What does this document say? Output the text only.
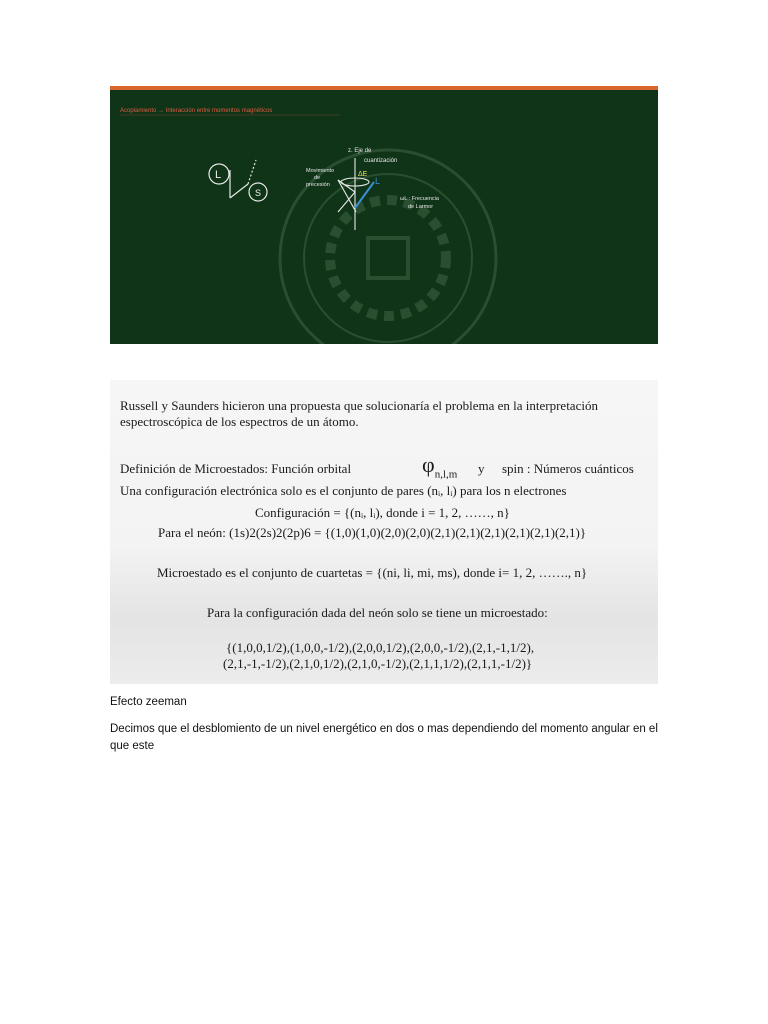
Acoplamiento → Interacción entre momentos magnéticos
L
S
L
z. Eje de
cuantización
Movimiento
de
precesión
ΔE
ωL : Frecuencia
de Larmor
Russell y Saunders hicieron una propuesta que solucionaría el problema en la interpretación
espectroscópica de los espectros de un átomo.
Definición de Microestados: Función orbital	$\varphi_{n,l,m}$ y spin : Números cuánticos
Una configuración electrónica solo es el conjunto de pares (nᵢ, lᵢ) para los n electrones
Configuración = {(nᵢ, lᵢ), donde i = 1, 2, ……, n}
Para el neón: (1s)2(2s)2(2p)6 = {(1,0)(1,0)(2,0)(2,0)(2,1)(2,1)(2,1)(2,1)(2,1)(2,1)}
Microestado es el conjunto de cuartetas = {(ni, li, mi, ms), donde i= 1, 2, ……., n}
Para la configuración dada del neón solo se tiene un microestado:
{(1,0,0,1/2),(1,0,0,-1/2),(2,0,0,1/2),(2,0,0,-1/2),(2,1,-1,1/2),
(2,1,-1,-1/2),(2,1,0,1/2),(2,1,0,-1/2),(2,1,1,1/2),(2,1,1,-1/2)}
Efecto zeeman
Decimos que el desblomiento de un nivel energético en dos o mas dependiendo del momento angular en el que este
